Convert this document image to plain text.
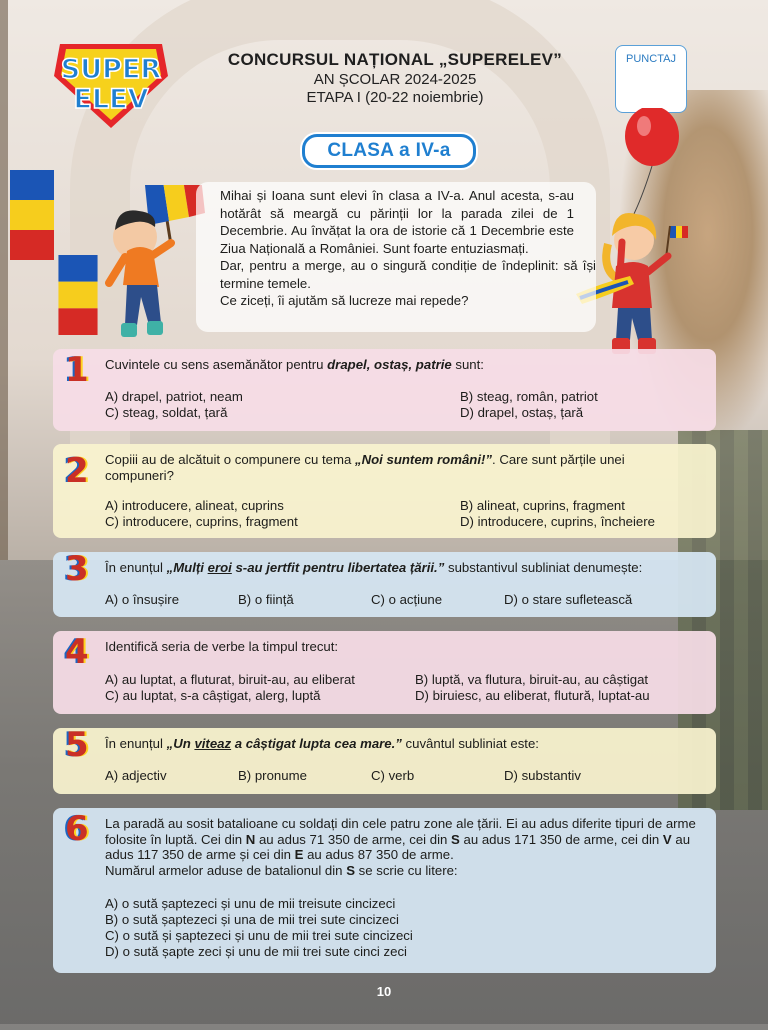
SUPER
ELEV
CONCURSUL NAȚIONAL „SUPERELEV”
AN ȘCOLAR 2024-2025
ETAPA I (20-22 noiembrie)
PUNCTAJ
CLASA a IV-a

Mihai și Ioana sunt elevi în clasa a IV-a. Anul acesta, s-au hotărât să meargă cu părinții lor la parada zilei de 1 Decembrie. Au învățat la ora de istorie că 1 Decembrie este Ziua Națională a României. Sunt foarte entuziasmați.

Dar, pentru a merge, au o singură condiție de îndeplinit: să își termine temele.

Ce ziceți, îi ajutăm să lucreze mai repede?

1 Cuvintele cu sens asemănător pentru drapel, ostaș, patrie sunt:
A) drapel, patriot, neam	B) steag, român, patriot
C) steag, soldat, țară	D) drapel, ostaș, țară
2 Copiii au de alcătuit o compunere cu tema „Noi suntem români!”. Care sunt părțile unei compuneri?
A) introducere, alineat, cuprins	B) alineat, cuprins, fragment
C) introducere, cuprins, fragment	D) introducere, cuprins, încheiere
3 În enunțul „Mulți eroi s-au jertfit pentru libertatea țării.” substantivul subliniat denumește:
A) o însușire	B) o ființă	C) o acțiune	D) o stare sufletească
4 Identifică seria de verbe la timpul trecut:
A) au luptat, a fluturat, biruit-au, au eliberat	B) luptă, va flutura, biruit-au, au câștigat
C) au luptat, s-a câștigat, alerg, luptă	D) biruiesc, au eliberat, flutură, luptat-au
5 În enunțul „Un viteaz a câștigat lupta cea mare.” cuvântul subliniat este:
A) adjectiv	B) pronume	C) verb	D) substantiv
6 La paradă au sosit batalioane cu soldați din cele patru zone ale țării. Ei au adus diferite tipuri de arme folosite în luptă. Cei din N au adus 71 350 de arme, cei din S au adus 171 350 de arme, cei din V au adus 117 350 de arme și cei din E au adus 87 350 de arme.
Numărul armelor aduse de batalionul din S se scrie cu litere:
A) o sută șaptezeci și unu de mii treisute cincizeci
B) o sută șaptezeci și una de mii trei sute cincizeci
C) o sută și șaptezeci și unu de mii trei sute cincizeci
D) o sută șapte zeci și unu de mii trei sute cinci zeci
10
